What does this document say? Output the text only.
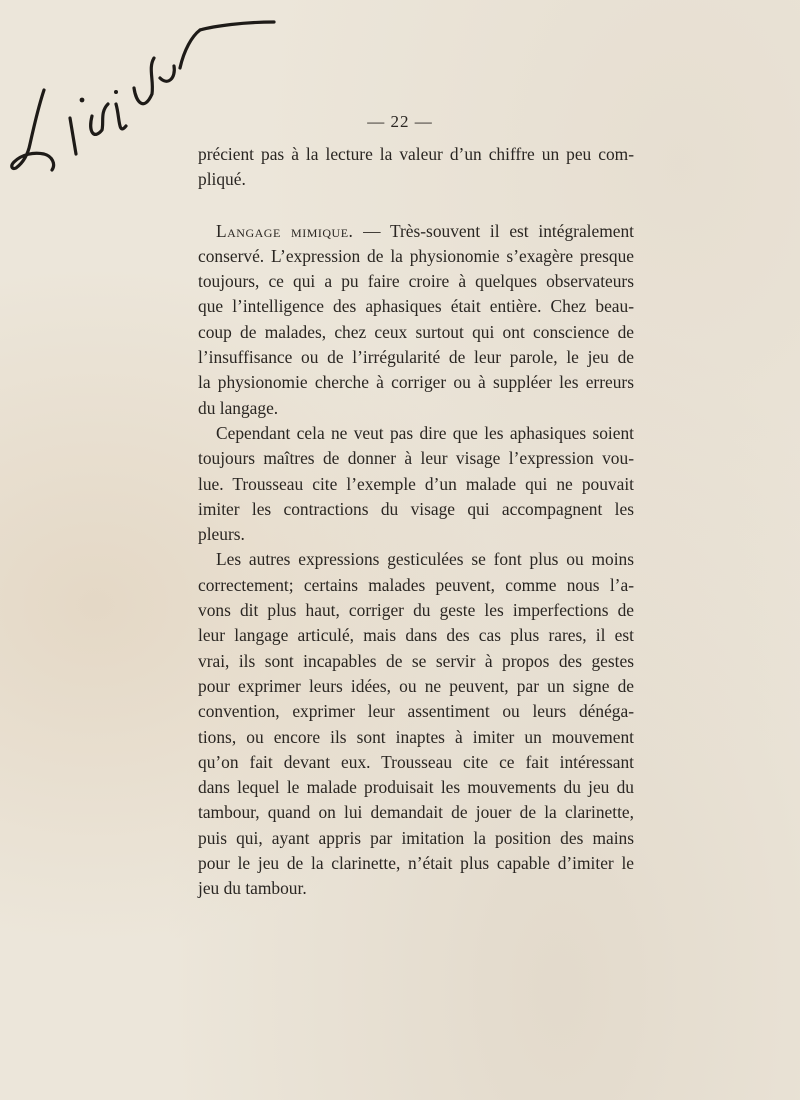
— 22 —
précient pas à la lecture la valeur d’un chiffre un peu com-
pliqué.
Langage mimique. — Très-souvent il est intégralement
conservé. L’expression de la physionomie s’exagère presque
toujours, ce qui a pu faire croire à quelques observateurs
que l’intelligence des aphasiques était entière. Chez beau-
coup de malades, chez ceux surtout qui ont conscience de
l’insuffisance ou de l’irrégularité de leur parole, le jeu de
la physionomie cherche à corriger ou à suppléer les erreurs
du langage.
Cependant cela ne veut pas dire que les aphasiques soient
toujours maîtres de donner à leur visage l’expression vou-
lue. Trousseau cite l’exemple d’un malade qui ne pouvait
imiter les contractions du visage qui accompagnent les
pleurs.
Les autres expressions gesticulées se font plus ou moins
correctement; certains malades peuvent, comme nous l’a-
vons dit plus haut, corriger du geste les imperfections de
leur langage articulé, mais dans des cas plus rares, il est
vrai, ils sont incapables de se servir à propos des gestes
pour exprimer leurs idées, ou ne peuvent, par un signe de
convention, exprimer leur assentiment ou leurs dénéga-
tions, ou encore ils sont inaptes à imiter un mouvement
qu’on fait devant eux. Trousseau cite ce fait intéressant
dans lequel le malade produisait les mouvements du jeu du
tambour, quand on lui demandait de jouer de la clarinette,
puis qui, ayant appris par imitation la position des mains
pour le jeu de la clarinette, n’était plus capable d’imiter le
jeu du tambour.
